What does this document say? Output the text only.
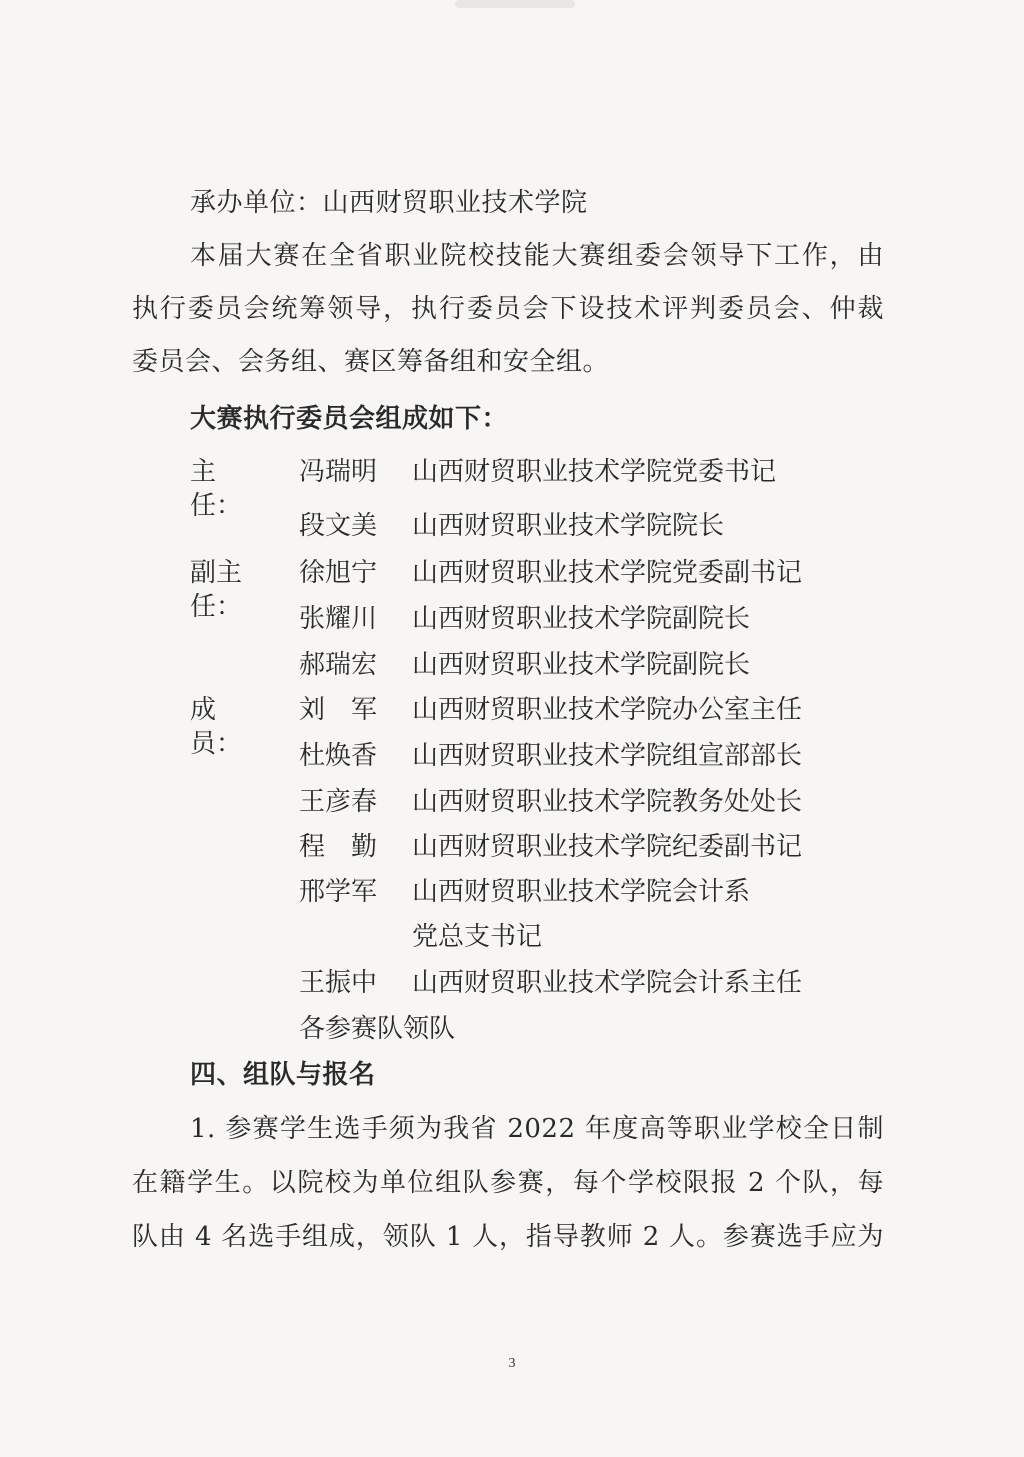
承办单位：山西财贸职业技术学院
本届大赛在全省职业院校技能大赛组委会领导下工作，由
执行委员会统筹领导，执行委员会下设技术评判委员会、仲裁
委员会、会务组、赛区筹备组和安全组。
大赛执行委员会组成如下：
主　任：
冯瑞明 山西财贸职业技术学院党委书记
段文美 山西财贸职业技术学院院长
副主任：
徐旭宁 山西财贸职业技术学院党委副书记
张耀川 山西财贸职业技术学院副院长
郝瑞宏 山西财贸职业技术学院副院长
成　员：
刘　军 山西财贸职业技术学院办公室主任
杜焕香 山西财贸职业技术学院组宣部部长
王彦春 山西财贸职业技术学院教务处处长
程　勤 山西财贸职业技术学院纪委副书记
邢学军 山西财贸职业技术学院会计系
党总支书记
王振中 山西财贸职业技术学院会计系主任
各参赛队领队
四、组队与报名
1. 参赛学生选手须为我省 2022 年度高等职业学校全日制
在籍学生。以院校为单位组队参赛，每个学校限报 2 个队，每
队由 4 名选手组成，领队 1 人，指导教师 2 人。参赛选手应为
3
